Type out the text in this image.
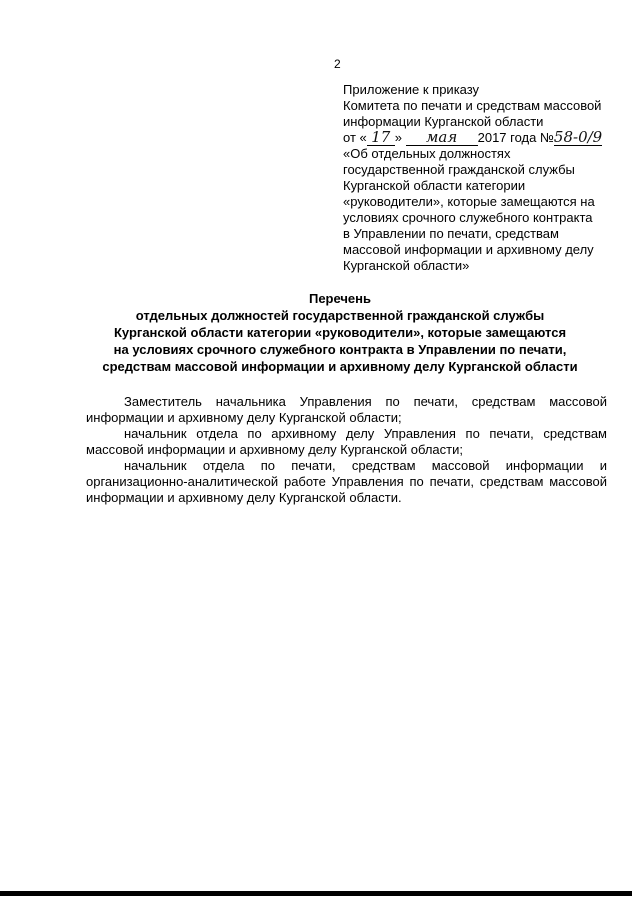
2
Приложение к приказу
Комитета по печати и средствам массовой
информации Курганской области
от « 17 » мая 2017 года №58-0/9
«Об отдельных должностях
государственной гражданской службы
Курганской области категории
«руководители», которые замещаются на
условиях срочного служебного контракта
в Управлении по печати, средствам
массовой информации и архивному делу
Курганской области»
Перечень
отдельных должностей государственной гражданской службы
Курганской области категории «руководители», которые замещаются
на условиях срочного служебного контракта в Управлении по печати,
средствам массовой информации и архивному делу Курганской области

Заместитель начальника Управления по печати, средствам массовой информации и архивному делу Курганской области;

начальник отдела по архивному делу Управления по печати, средствам массовой информации и архивному делу Курганской области;

начальник отдела по печати, средствам массовой информации и организационно-аналитической работе Управления по печати, средствам массовой информации и архивному делу Курганской области.
